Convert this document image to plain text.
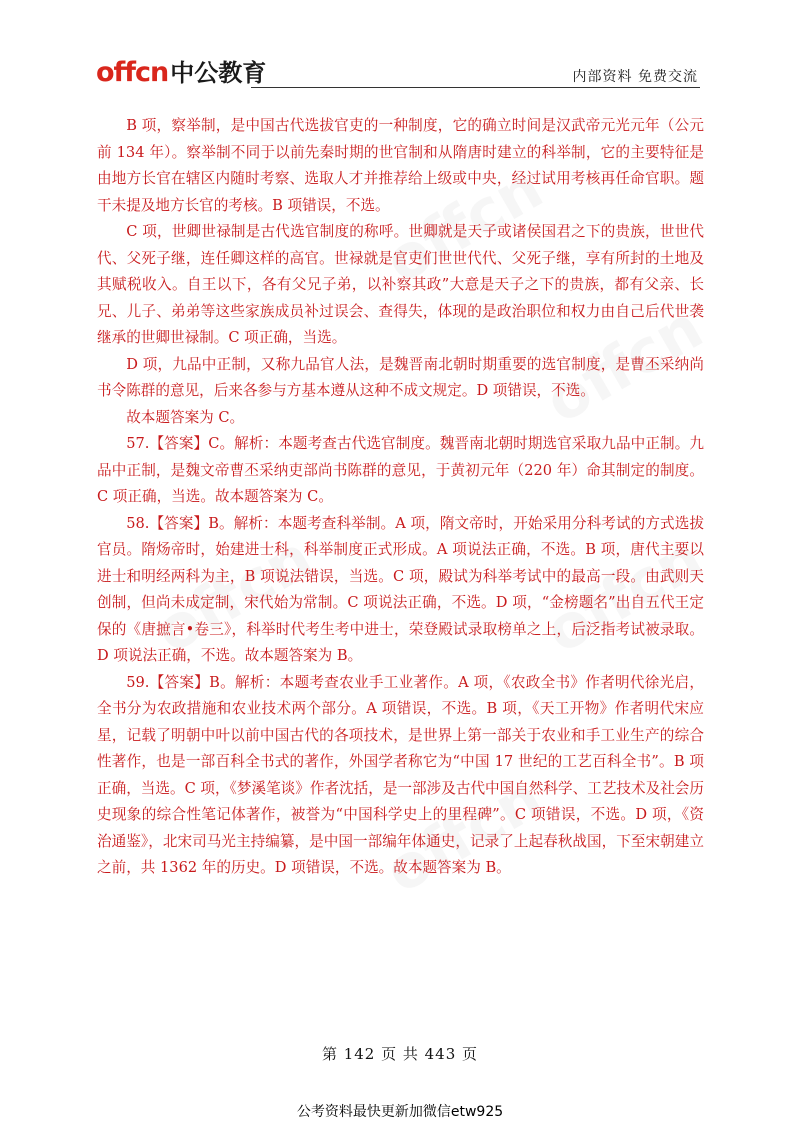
offcn 中公教育	内部资料 免费交流

B 项，察举制，是中国古代选拔官吏的一种制度，它的确立时间是汉武帝元光元年（公元前 134 年）。察举制不同于以前先秦时期的世官制和从隋唐时建立的科举制，它的主要特征是由地方长官在辖区内随时考察、选取人才并推荐给上级或中央，经过试用考核再任命官职。题干未提及地方长官的考核。B 项错误，不选。

C 项，世卿世禄制是古代选官制度的称呼。世卿就是天子或诸侯国君之下的贵族，世世代代、父死子继，连任卿这样的高官。世禄就是官吏们世世代代、父死子继，享有所封的土地及其赋税收入。自王以下，各有父兄子弟，以补察其政”大意是天子之下的贵族，都有父亲、长兄、儿子、弟弟等这些家族成员补过误会、查得失，体现的是政治职位和权力由自己后代世袭继承的世卿世禄制。C 项正确，当选。

D 项，九品中正制，又称九品官人法，是魏晋南北朝时期重要的选官制度，是曹丕采纳尚书令陈群的意见，后来各参与方基本遵从这种不成文规定。D 项错误，不选。

故本题答案为 C。

57.【答案】C。解析：本题考查古代选官制度。魏晋南北朝时期选官采取九品中正制。九品中正制，是魏文帝曹丕采纳吏部尚书陈群的意见，于黄初元年（220 年）命其制定的制度。C 项正确，当选。故本题答案为 C。

58.【答案】B。解析：本题考查科举制。A 项，隋文帝时，开始采用分科考试的方式选拔官员。隋炀帝时，始建进士科，科举制度正式形成。A 项说法正确，不选。B 项，唐代主要以进士和明经两科为主，B 项说法错误，当选。C 项，殿试为科举考试中的最高一段。由武则天创制，但尚未成定制，宋代始为常制。C 项说法正确，不选。D 项，“金榜题名”出自五代王定保的《唐摭言•卷三》，科举时代考生考中进士，荣登殿试录取榜单之上，后泛指考试被录取。D 项说法正确，不选。故本题答案为 B。

59.【答案】B。解析：本题考查农业手工业著作。A 项，《农政全书》作者明代徐光启，全书分为农政措施和农业技术两个部分。A 项错误，不选。B 项，《天工开物》作者明代宋应星，记载了明朝中叶以前中国古代的各项技术，是世界上第一部关于农业和手工业生产的综合性著作，也是一部百科全书式的著作，外国学者称它为“中国 17 世纪的工艺百科全书”。B 项正确，当选。C 项，《梦溪笔谈》作者沈括，是一部涉及古代中国自然科学、工艺技术及社会历史现象的综合性笔记体著作，被誉为“中国科学史上的里程碑”。C 项错误，不选。D 项，《资治通鉴》，北宋司马光主持编纂，是中国一部编年体通史，记录了上起春秋战国，下至宋朝建立之前，共 1362 年的历史。D 项错误，不选。故本题答案为 B。

第 142 页 共 443 页
公考资料最快更新加微信etw925
